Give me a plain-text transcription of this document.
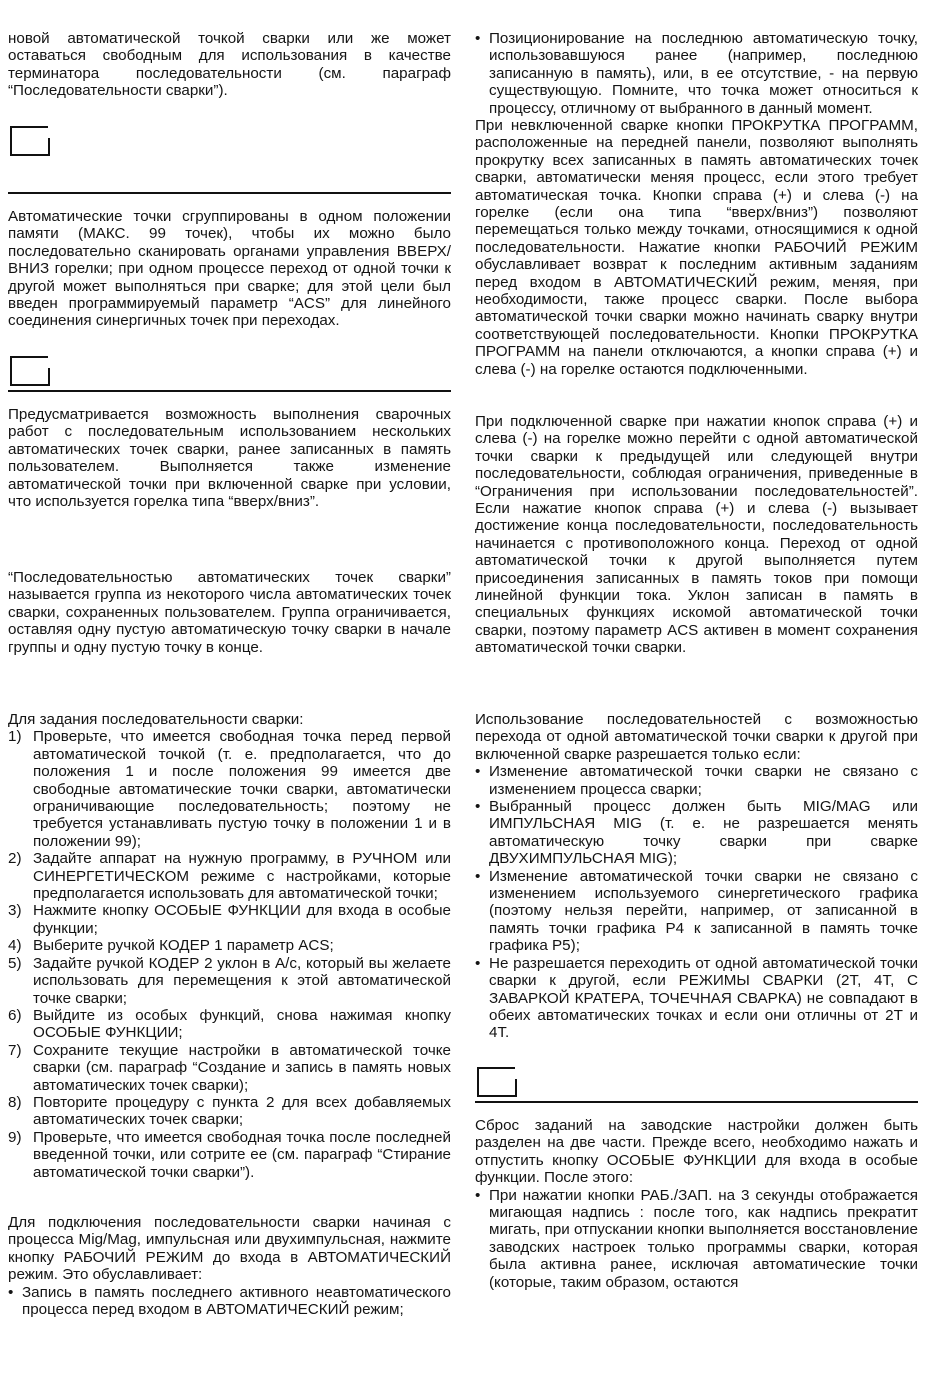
новой автоматической точкой сварки или же может оставаться свободным для использования в качестве терминатора последовательности (см. параграф “Последовательности сварки”).

Автоматические точки сгруппированы в одном положении памяти (МАКС. 99 точек), чтобы их можно было последовательно сканировать органами управления ВВЕРХ/ВНИЗ горелки; при одном процессе переход от одной точки к другой может выполняться при сварке; для этой цели был введен программируемый параметр “ACS” для линейного соединения синергичных точек при переходах.

Предусматривается возможность выполнения сварочных работ с последовательным использованием нескольких автоматических точек сварки, ранее записанных в память пользователем. Выполняется также изменение автоматической точки при включенной сварке при условии, что используется горелка типа “вверх/вниз”.

“Последовательностью автоматических точек сварки” называется группа из некоторого числа автоматических точек сварки, сохраненных пользователем. Группа ограничивается, оставляя одну пустую автоматическую точку сварки в начале группы и одну пустую точку в конце.

Для задания последовательности сварки:

1) Проверьте, что имеется свободная точка перед первой автоматической точкой (т. е. предполагается, что до положения 1 и после положения 99 имеется две свободные автоматические точки сварки, автоматически ограничивающие последовательность; поэтому не требуется устанавливать пустую точку в положении 1 и в положении 99);
2) Задайте аппарат на нужную программу, в РУЧНОМ или СИНЕРГЕТИЧЕСКОМ режиме с настройками, которые предполагается использовать для автоматической точки;
3) Нажмите кнопку ОСОБЫЕ ФУНКЦИИ для входа в особые функции;
4) Выберите ручкой КОДЕР 1 параметр ACS;
5) Задайте ручкой КОДЕР 2 уклон в А/с, который вы желаете использовать для перемещения к этой автоматической точке сварки;
6) Выйдите из особых функций, снова нажимая кнопку ОСОБЫЕ ФУНКЦИИ;
7) Сохраните текущие настройки в автоматической точке сварки (см. параграф “Создание и запись в память новых автоматических точек сварки);
8) Повторите процедуру с пункта 2 для всех добавляемых автоматических точек сварки;
9) Проверьте, что имеется свободная точка после последней введенной точки, или сотрите ее (см. параграф “Стирание автоматической точки сварки”).

Для подключения последовательности сварки начиная с процесса Mig/Mag, импульсная или двухимпульсная, нажмите кнопку РАБОЧИЙ РЕЖИМ до входа в АВТОМАТИЧЕСКИЙ режим. Это обуславливает:

• Запись в память последнего активного неавтоматического процесса перед входом в АВТОМАТИЧЕСКИЙ режим;
• Позиционирование на последнюю автоматическую точку, использовавшуюся ранее (например, последнюю записанную в память), или, в ее отсутствие, - на первую существующую. Помните, что точка может относиться к процессу, отличному от выбранного в данный момент.

При невключенной сварке кнопки ПРОКРУТКА ПРОГРАММ, расположенные на передней панели, позволяют выполнять прокрутку всех записанных в память автоматических точек сварки, автоматически меняя процесс, если этого требует автоматическая точка. Кнопки справа (+) и слева (-) на горелке (если она типа “вверх/вниз”) позволяют перемещаться только между точками, относящимися к одной последовательности. Нажатие кнопки РАБОЧИЙ РЕЖИМ обуславливает возврат к последним активным заданиям перед входом в АВТОМАТИЧЕСКИЙ режим, меняя, при необходимости, также процесс сварки. После выбора автоматической точки сварки можно начинать сварку внутри соответствующей последовательности. Кнопки ПРОКРУТКА ПРОГРАММ на панели отключаются, а кнопки справа (+) и слева (-) на горелке остаются подключенными.

При подключенной сварке при нажатии кнопок справа (+) и слева (-) на горелке можно перейти с одной автоматической точки сварки к предыдущей или следующей внутри последовательности, соблюдая ограничения, приведенные в “Ограничения при использовании последовательностей”. Если нажатие кнопок справа (+) и слева (-) вызывает достижение конца последовательности, последовательность начинается с противоположного конца. Переход от одной автоматической точки к другой выполняется путем присоединения записанных в память токов при помощи линейной функции тока. Уклон записан в память в специальных функциях искомой автоматической точки сварки, поэтому параметр ACS активен в момент сохранения автоматической точки сварки.

Использование последовательностей с возможностью перехода от одной автоматической точки сварки к другой при включенной сварке разрешается только если:

• Изменение автоматической точки сварки не связано с изменением процесса сварки;
• Выбранный процесс должен быть MIG/MAG или ИМПУЛЬСНАЯ MIG (т. е. не разрешается менять автоматическую точку сварки при сварке ДВУХИМПУЛЬСНАЯ MIG);
• Изменение автоматической точки сварки не связано с изменением используемого синергетического графика (поэтому нельзя перейти, например, от записанной в память точки графика P4 к записанной в память точке графика P5);
• Не разрешается переходить от одной автоматической точки сварки к другой, если РЕЖИМЫ СВАРКИ (2T, 4T, С ЗАВАРКОЙ КРАТЕРА, ТОЧЕЧНАЯ СВАРКА) не совпадают в обеих автоматических точках и если они отличны от 2T и 4T.

Сброс заданий на заводские настройки должен быть разделен на две части. Прежде всего, необходимо нажать и отпустить кнопку ОСОБЫЕ ФУНКЦИИ для входа в особые функции. После этого:

• При нажатии кнопки РАБ./ЗАП. на 3 секунды отображается мигающая надпись : после того, как надпись прекратит мигать, при отпускании кнопки выполняется восстановление заводских настроек только программы сварки, которая была активна ранее, исключая автоматические точки (которые, таким образом, остаются
